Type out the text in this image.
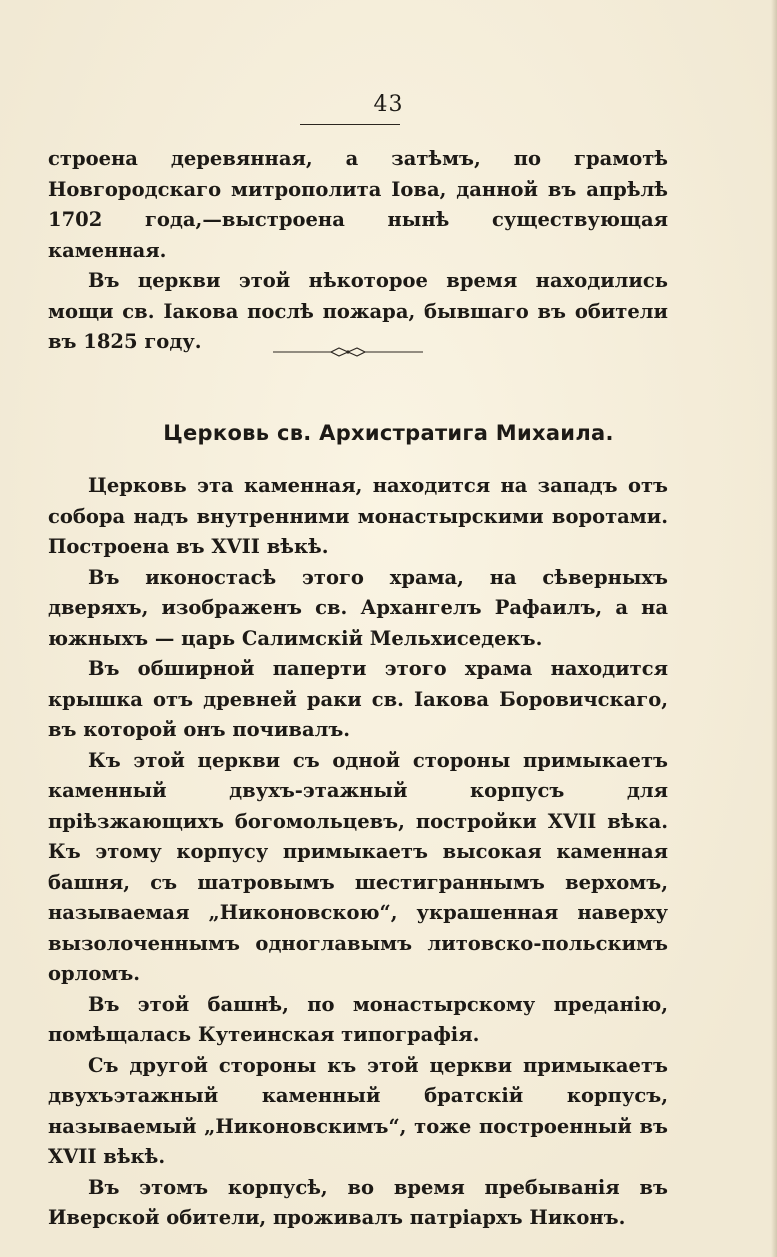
43

строена деревянная, а затѣмъ, по грамотѣ Новгородскаго митрополита Іова, данной въ апрѣлѣ 1702 года,—выстроена нынѣ существующая каменная.

Въ церкви этой нѣкоторое время находились мощи св. Іакова послѣ пожара, бывшаго въ обители въ 1825 году.

Церковь св. Архистратига Михаила.

Церковь эта каменная, находится на западъ отъ собора надъ внутренними монастырскими воротами. Построена въ XVII вѣкѣ.

Въ иконостасѣ этого храма, на сѣверныхъ дверяхъ, изображенъ св. Архангелъ Рафаилъ, а на южныхъ — царь Салимскій Мельхиседекъ.

Въ обширной паперти этого храма находится крышка отъ древней раки св. Іакова Боровичскаго, въ которой онъ почивалъ.

Къ этой церкви съ одной стороны примыкаетъ каменный двухъ-этажный корпусъ для пріѣзжающихъ богомольцевъ, постройки XVII вѣка. Къ этому корпусу примыкаетъ высокая каменная башня, съ шатровымъ шестиграннымъ верхомъ, называемая „Никоновскою“, украшенная наверху вызолоченнымъ одноглавымъ литовско-польскимъ орломъ.

Въ этой башнѣ, по монастырскому преданію, помѣщалась Кутеинская типографія.

Съ другой стороны къ этой церкви примыкаетъ двухъэтажный каменный братскій корпусъ, называемый „Никоновскимъ“, тоже построенный въ XVII вѣкѣ.

Въ этомъ корпусѣ, во время пребыванія въ Иверской обители, проживалъ патріархъ Никонъ.
